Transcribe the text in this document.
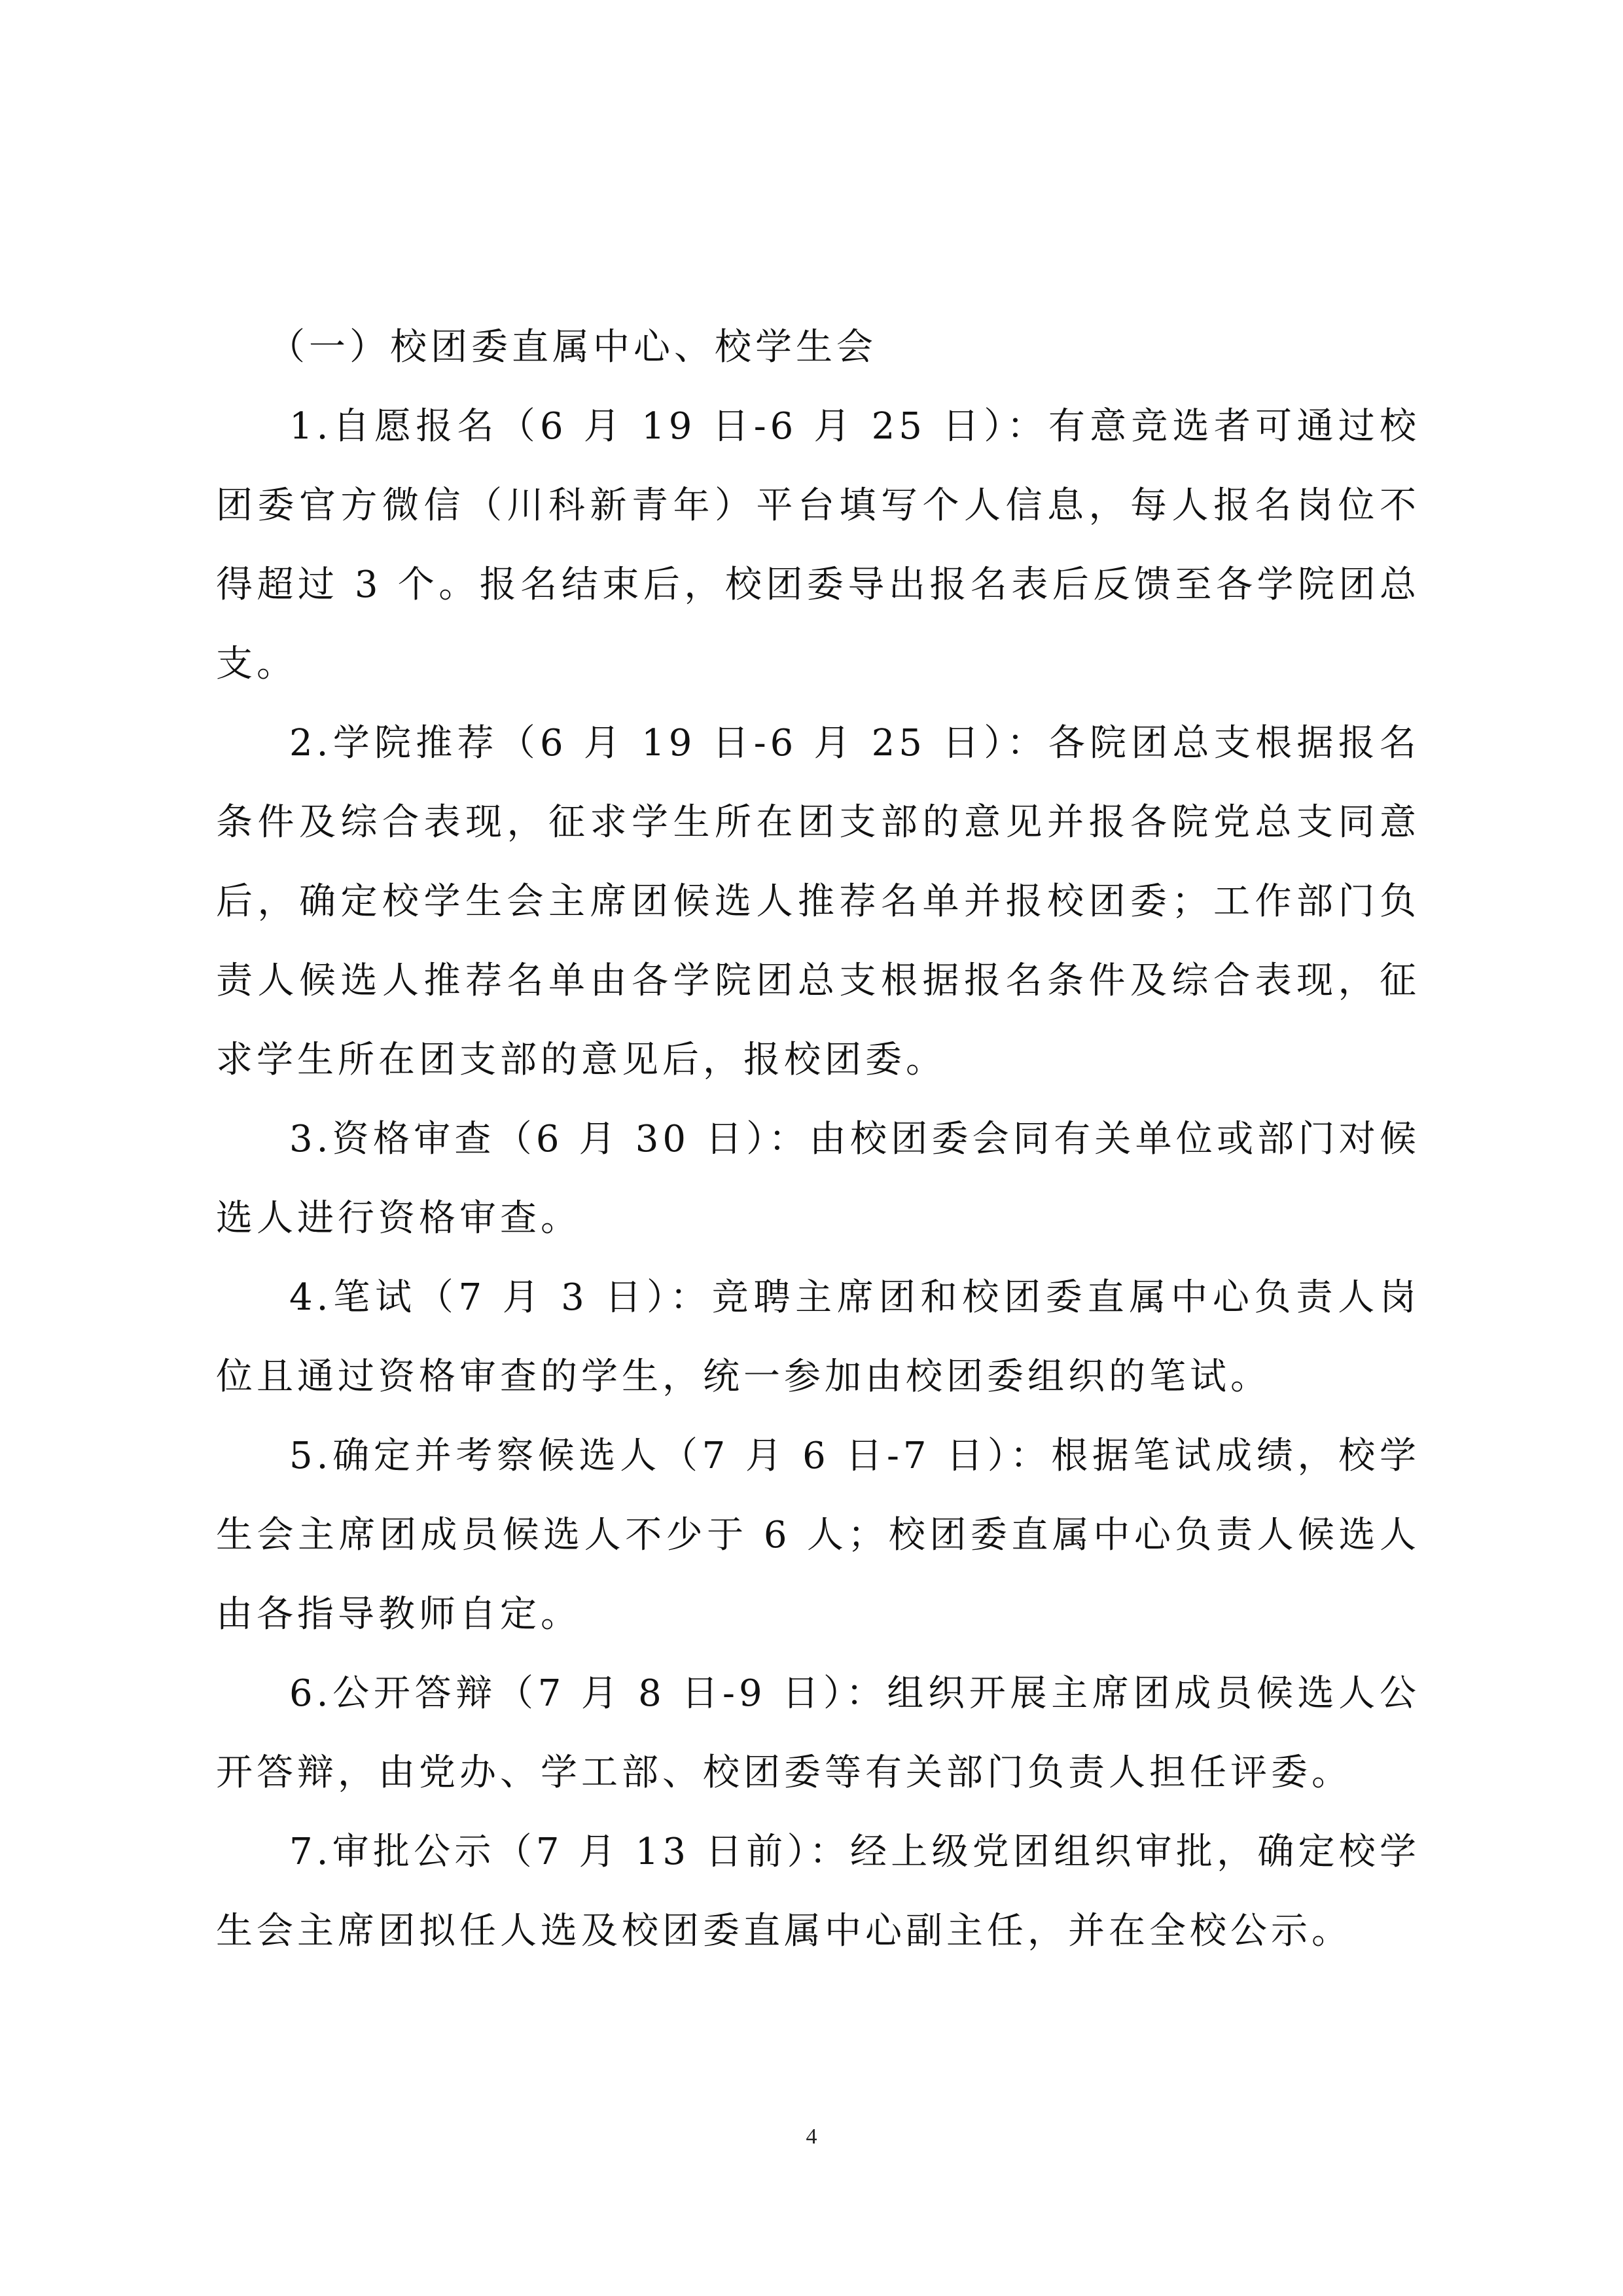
（一）校团委直属中心、校学生会

1.自愿报名（6 月 19 日-6 月 25 日）：有意竞选者可通过校团委官方微信（川科新青年）平台填写个人信息，每人报名岗位不得超过 3 个。报名结束后，校团委导出报名表后反馈至各学院团总支。

2.学院推荐（6 月 19 日-6 月 25 日）：各院团总支根据报名条件及综合表现，征求学生所在团支部的意见并报各院党总支同意后，确定校学生会主席团候选人推荐名单并报校团委；工作部门负责人候选人推荐名单由各学院团总支根据报名条件及综合表现，征求学生所在团支部的意见后，报校团委。

3.资格审查（6 月 30 日）：由校团委会同有关单位或部门对候选人进行资格审查。

4.笔试（7 月 3 日）：竞聘主席团和校团委直属中心负责人岗位且通过资格审查的学生，统一参加由校团委组织的笔试。

5.确定并考察候选人（7 月 6 日-7 日）：根据笔试成绩，校学生会主席团成员候选人不少于 6 人；校团委直属中心负责人候选人由各指导教师自定。

6.公开答辩（7 月 8 日-9 日）：组织开展主席团成员候选人公开答辩，由党办、学工部、校团委等有关部门负责人担任评委。

7.审批公示（7 月 13 日前）：经上级党团组织审批，确定校学生会主席团拟任人选及校团委直属中心副主任，并在全校公示。

4
